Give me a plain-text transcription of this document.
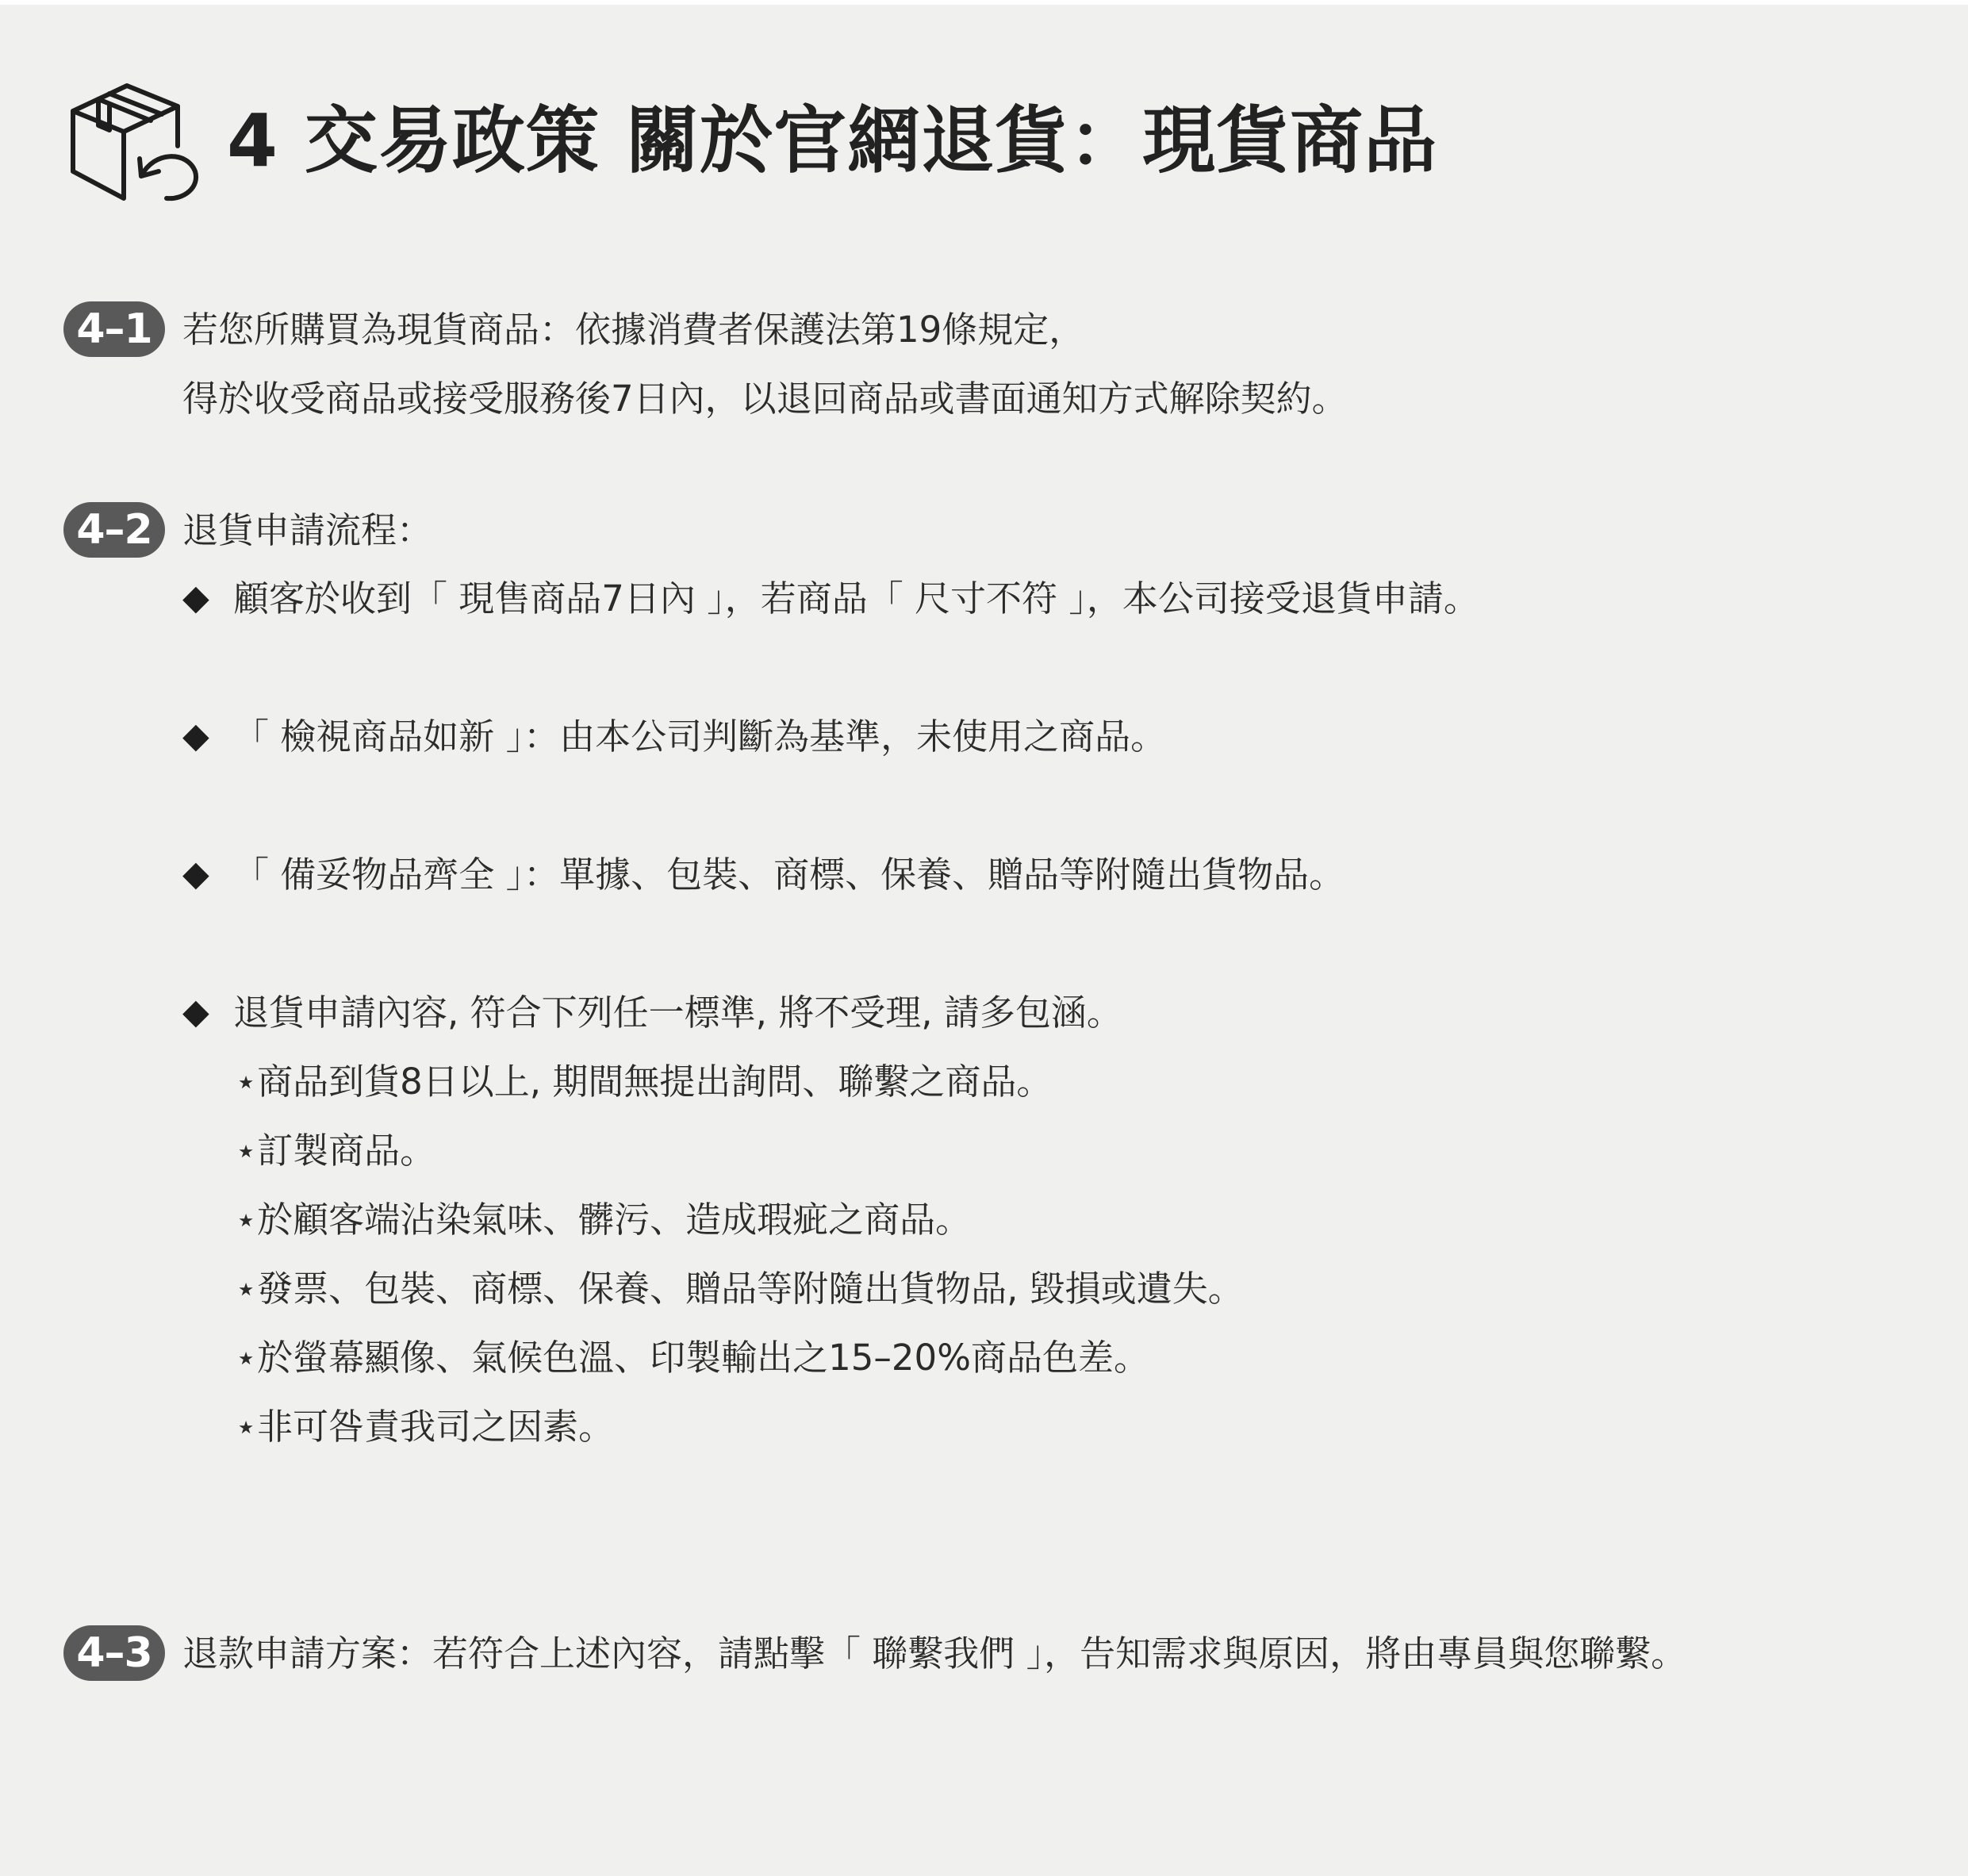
4 交易政策 關於官網退貨：現貨商品
4–1 若您所購買為現貨商品：依據消費者保護法第19條規定，
得於收受商品或接受服務後7日內，以退回商品或書面通知方式解除契約。
4–2 退貨申請流程：
◆ 顧客於收到「 現售商品7日內 」，若商品「 尺寸不符 」，本公司接受退貨申請。
◆ 「 檢視商品如新 」：由本公司判斷為基準，未使用之商品。
◆ 「 備妥物品齊全 」：單據、包裝、商標、保養、贈品等附隨出貨物品。
◆ 退貨申請內容, 符合下列任一標準, 將不受理, 請多包涵。
⋆商品到貨8日以上, 期間無提出詢問、聯繫之商品。
⋆訂製商品。
⋆於顧客端沾染氣味、髒污、造成瑕疵之商品。
⋆發票、包裝、商標、保養、贈品等附隨出貨物品, 毀損或遺失。
⋆於螢幕顯像、氣候色溫、印製輸出之15–20%商品色差。
⋆非可咎責我司之因素。
4–3 退款申請方案：若符合上述內容，請點擊「 聯繫我們 」，告知需求與原因，將由專員與您聯繫。
